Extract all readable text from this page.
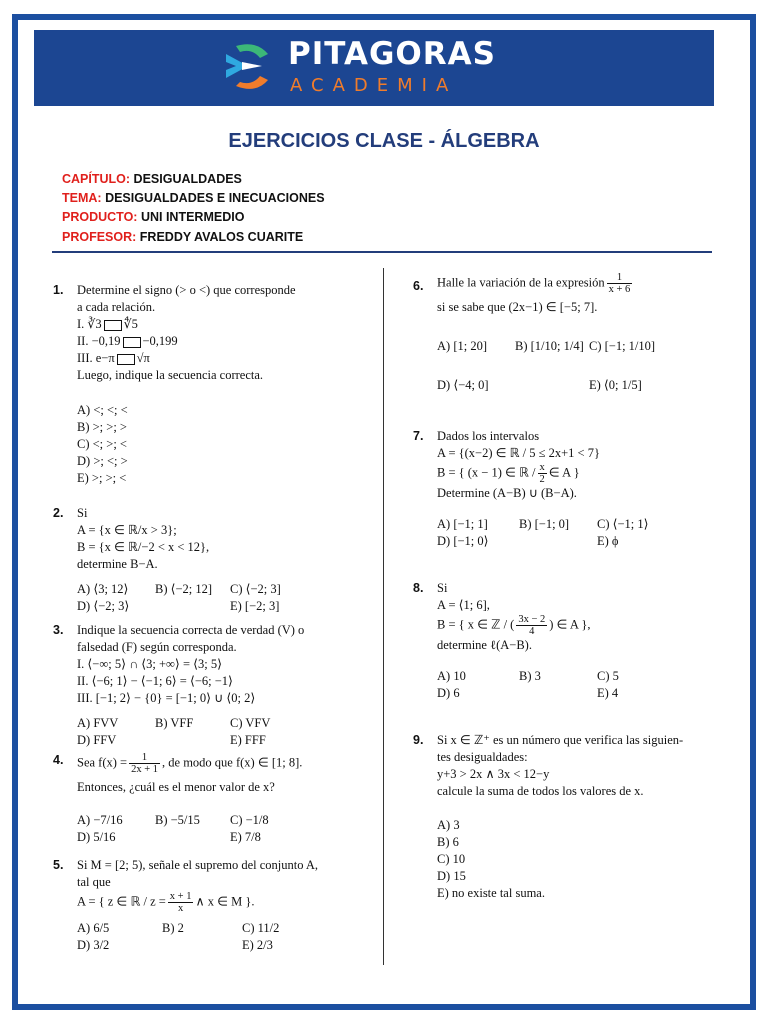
PITAGORAS
ACADEMIA
EJERCICIOS CLASE - ÁLGEBRA
CAPÍTULO: DESIGUALDADES
TEMA: DESIGUALDADES E INECUACIONES
PRODUCTO: UNI INTERMEDIO
PROFESOR: FREDDY AVALOS CUARITE
1. Determine el signo (> o <) que corresponde
a cada relación.
I. ∛3 ∜5
II. −0,19 −0,199
III. e−π √π
Luego, indique la secuencia correcta.
A) <; <; <
B) >; >; >
C) <; >; <
D) >; <; >
E) >; >; <
2. Si
A = {x ∈ ℝ/x > 3};
B = {x ∈ ℝ/−2 < x < 12},
determine B−A.
A) ⟨3; 12⟩	B) ⟨−2; 12]	C) ⟨−2; 3]
D) ⟨−2; 3⟩	E) [−2; 3]
3. Indique la secuencia correcta de verdad (V) o
falsedad (F) según corresponda.
I. ⟨−∞; 5⟩ ∩ ⟨3; +∞⟩ = ⟨3; 5⟩
II. ⟨−6; 1⟩ − ⟨−1; 6⟩ = ⟨−6; −1⟩
III. [−1; 2⟩ − {0} = [−1; 0⟩ ∪ ⟨0; 2⟩
A) FVV	B) VFF	C) VFV
D) FFV	E) FFF
4. Sea $f(x) = \frac{1}{2x + 1}$ , de modo que f(x) ∈ [1; 8].
Entonces, ¿cuál es el menor valor de x?
A) −7/16	B) −5/15	C) −1/8
D) 5/16	E) 7/8
5. Si M = [2; 5), señale el supremo del conjunto A,
tal que
A = { z ∈ ℝ / $z = \frac{x + 1}{x}$ ∧ x ∈ M }.
A) 6/5	B) 2	C) 11/2
D) 3/2	E) 2/3
6. Halle la variación de la expresión $\frac{1}{x + 6}$
si se sabe que (2x−1) ∈ [−5; 7].
A) [1; 20]	B) [1/10; 1/4] C) [−1; 1/10]
D) ⟨−4; 0]	E) ⟨0; 1/5]
7. Dados los intervalos
A = {(x−2) ∈ ℝ / 5 ≤ 2x+1 < 7}
B = { (x − 1) ∈ ℝ / $\frac{x}{2}$ ∈ A }
Determine (A−B) ∪ (B−A).
A) [−1; 1]	B) [−1; 0]	C) ⟨−1; 1⟩
D) [−1; 0⟩	E) ϕ
8. Si
A = ⟨1; 6],
B = { x ∈ ℤ / ( $\frac{3x - 2}{4}$ ) ∈ A },
determine ℓ(A−B).
A) 10	B) 3	C) 5
D) 6	E) 4
9. Si x ∈ ℤ⁺ es un número que verifica las siguien-
tes desigualdades:
y+3 > 2x ∧ 3x < 12−y
calcule la suma de todos los valores de x.
A) 3
B) 6
C) 10
D) 15
E) no existe tal suma.
